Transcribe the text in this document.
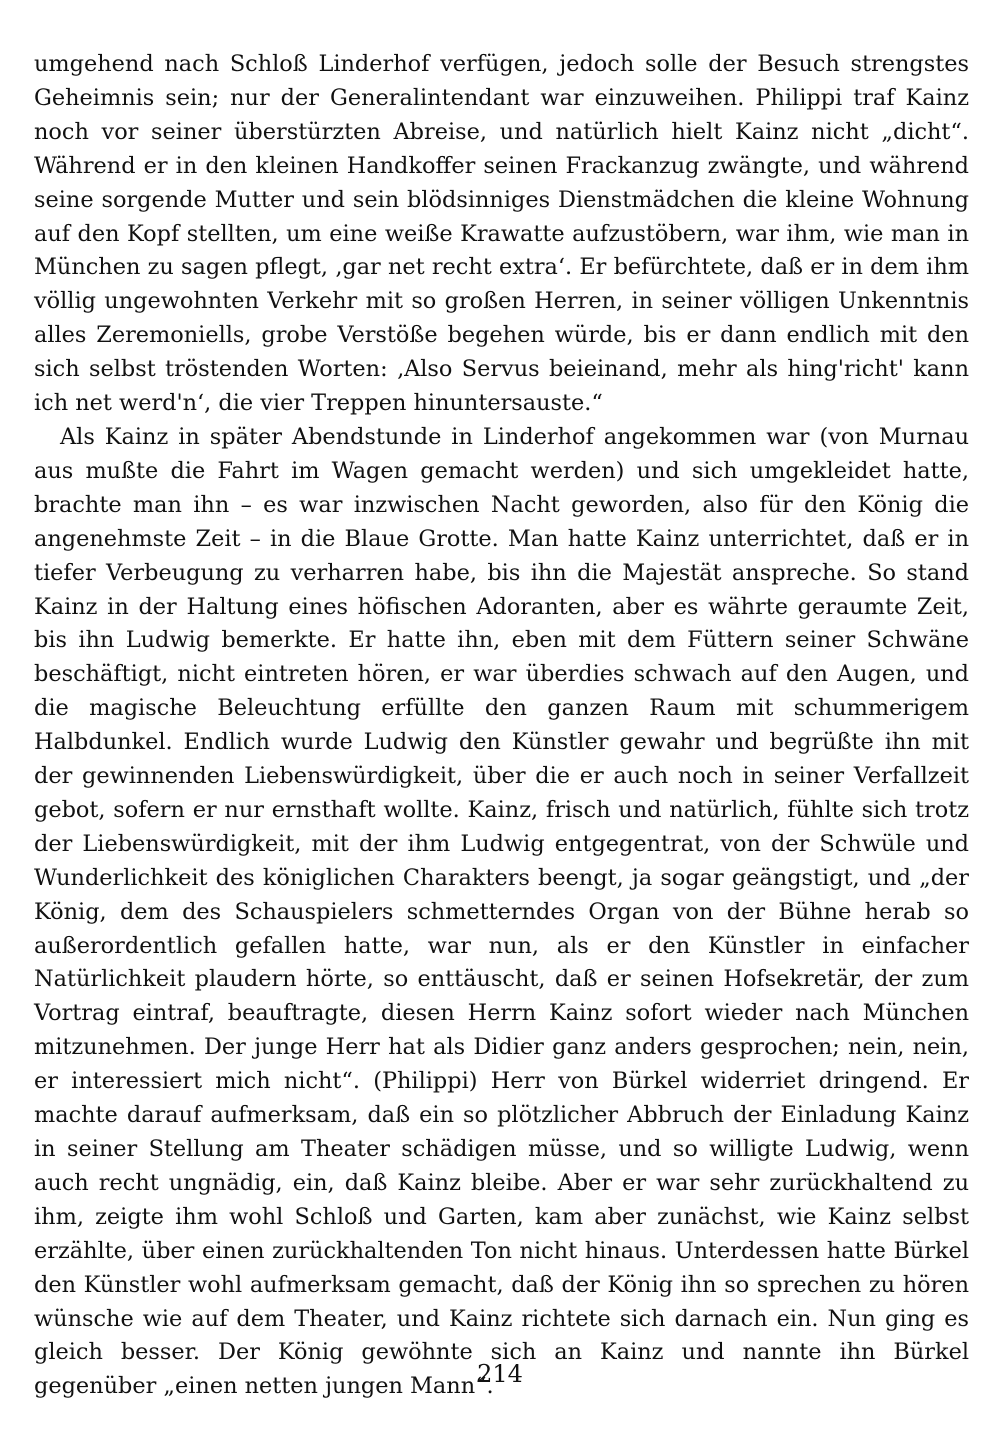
umgehend nach Schloß Linderhof verfügen, jedoch solle der Besuch strengstes Geheimnis sein; nur der Generalintendant war einzuweihen. Philippi traf Kainz noch vor seiner überstürzten Abreise, und natürlich hielt Kainz nicht „dicht“. Während er in den kleinen Handkoffer seinen Frackanzug zwängte, und während seine sorgende Mutter und sein blödsinniges Dienstmädchen die kleine Wohnung auf den Kopf stellten, um eine weiße Krawatte aufzustöbern, war ihm, wie man in München zu sagen pflegt, ‚gar net recht extra‘. Er befürchtete, daß er in dem ihm völlig ungewohnten Verkehr mit so großen Herren, in seiner völligen Unkenntnis alles Zeremoniells, grobe Verstöße begehen würde, bis er dann endlich mit den sich selbst tröstenden Worten: ‚Also Servus beieinand, mehr als hing'richt' kann ich net werd'n‘, die vier Treppen hinuntersauste.“

Als Kainz in später Abendstunde in Linderhof angekommen war (von Murnau aus mußte die Fahrt im Wagen gemacht werden) und sich umgekleidet hatte, brachte man ihn – es war inzwischen Nacht geworden, also für den König die angenehmste Zeit – in die Blaue Grotte. Man hatte Kainz unterrichtet, daß er in tiefer Verbeugung zu verharren habe, bis ihn die Majestät anspreche. So stand Kainz in der Haltung eines höfischen Adoranten, aber es währte geraumte Zeit, bis ihn Ludwig bemerkte. Er hatte ihn, eben mit dem Füttern seiner Schwäne beschäftigt, nicht eintreten hören, er war überdies schwach auf den Augen, und die magische Beleuchtung erfüllte den ganzen Raum mit schummerigem Halbdunkel. Endlich wurde Ludwig den Künstler gewahr und begrüßte ihn mit der gewinnenden Liebenswürdigkeit, über die er auch noch in seiner Verfallzeit gebot, sofern er nur ernsthaft wollte. Kainz, frisch und natürlich, fühlte sich trotz der Liebenswürdigkeit, mit der ihm Ludwig entgegentrat, von der Schwüle und Wunderlichkeit des königlichen Charakters beengt, ja sogar geängstigt, und „der König, dem des Schauspielers schmetterndes Organ von der Bühne herab so außerordentlich gefallen hatte, war nun, als er den Künstler in einfacher Natürlichkeit plaudern hörte, so enttäuscht, daß er seinen Hofsekretär, der zum Vortrag eintraf, beauftragte, diesen Herrn Kainz sofort wieder nach München mitzunehmen. Der junge Herr hat als Didier ganz anders gesprochen; nein, nein, er interessiert mich nicht“. (Philippi) Herr von Bürkel widerriet dringend. Er machte darauf aufmerksam, daß ein so plötzlicher Abbruch der Einladung Kainz in seiner Stellung am Theater schädigen müsse, und so willigte Ludwig, wenn auch recht ungnädig, ein, daß Kainz bleibe. Aber er war sehr zurückhaltend zu ihm, zeigte ihm wohl Schloß und Garten, kam aber zunächst, wie Kainz selbst erzählte, über einen zurückhaltenden Ton nicht hinaus. Unterdessen hatte Bürkel den Künstler wohl aufmerksam gemacht, daß der König ihn so sprechen zu hören wünsche wie auf dem Theater, und Kainz richtete sich darnach ein. Nun ging es gleich besser. Der König gewöhnte sich an Kainz und nannte ihn Bürkel gegenüber „einen netten jungen Mann“.

214
